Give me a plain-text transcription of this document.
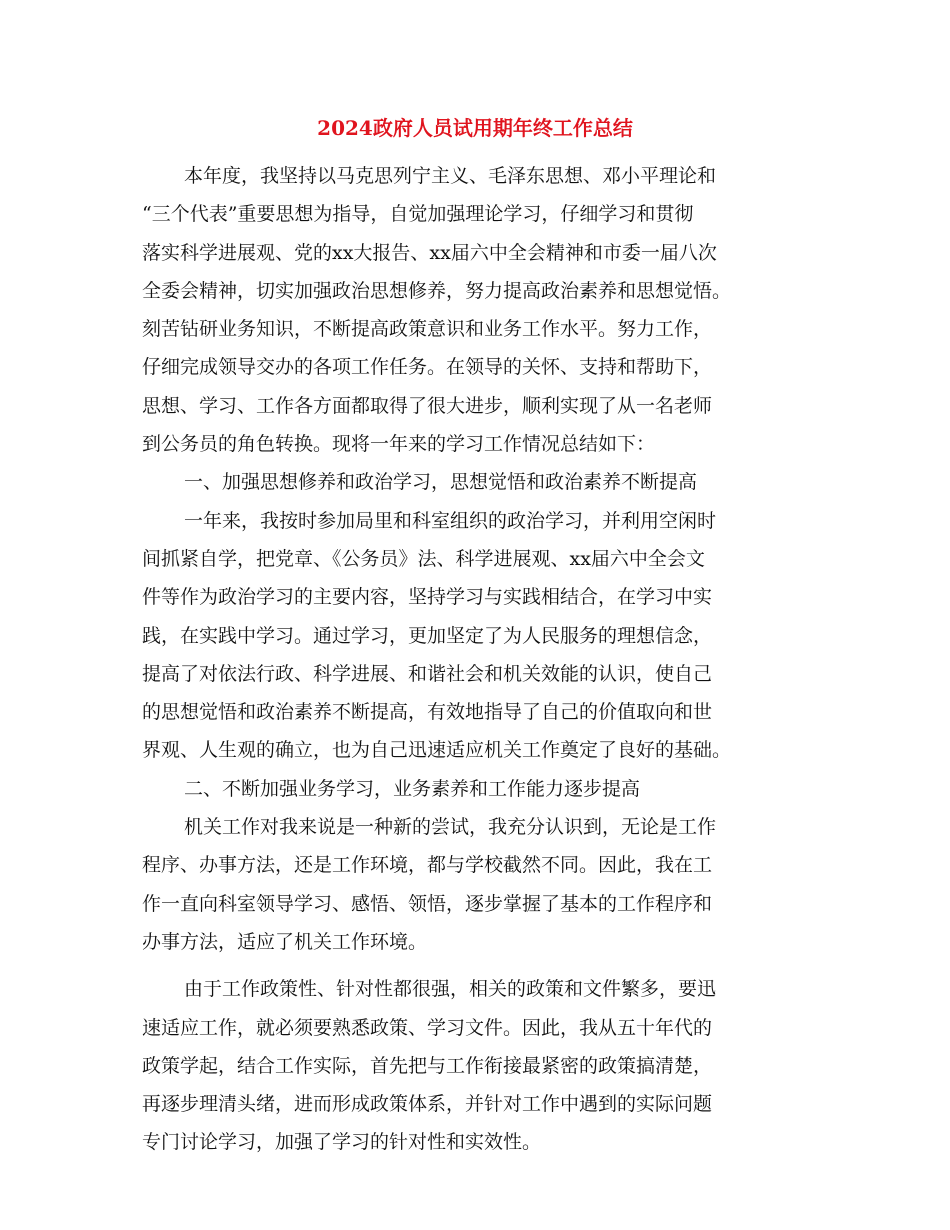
2024政府人员试用期年终工作总结

本年度，我坚持以马克思列宁主义、毛泽东思想、邓小平理论和

“三个代表”重要思想为指导，自觉加强理论学习，仔细学习和贯彻

落实科学进展观、党的xx大报告、xx届六中全会精神和市委一届八次

全委会精神，切实加强政治思想修养，努力提高政治素养和思想觉悟。

刻苦钻研业务知识，不断提高政策意识和业务工作水平。努力工作，

仔细完成领导交办的各项工作任务。在领导的关怀、支持和帮助下，

思想、学习、工作各方面都取得了很大进步，顺利实现了从一名老师

到公务员的角色转换。现将一年来的学习工作情况总结如下：

一、加强思想修养和政治学习，思想觉悟和政治素养不断提高

一年来，我按时参加局里和科室组织的政治学习，并利用空闲时

间抓紧自学，把党章、《公务员》法、科学进展观、xx届六中全会文

件等作为政治学习的主要内容，坚持学习与实践相结合，在学习中实

践，在实践中学习。通过学习，更加坚定了为人民服务的理想信念，

提高了对依法行政、科学进展、和谐社会和机关效能的认识，使自己

的思想觉悟和政治素养不断提高，有效地指导了自己的价值取向和世

界观、人生观的确立，也为自己迅速适应机关工作奠定了良好的基础。

二、不断加强业务学习，业务素养和工作能力逐步提高

机关工作对我来说是一种新的尝试，我充分认识到，无论是工作

程序、办事方法，还是工作环境，都与学校截然不同。因此，我在工

作一直向科室领导学习、感悟、领悟，逐步掌握了基本的工作程序和

办事方法，适应了机关工作环境。

由于工作政策性、针对性都很强，相关的政策和文件繁多，要迅

速适应工作，就必须要熟悉政策、学习文件。因此，我从五十年代的

政策学起，结合工作实际，首先把与工作衔接最紧密的政策搞清楚，

再逐步理清头绪，进而形成政策体系，并针对工作中遇到的实际问题

专门讨论学习，加强了学习的针对性和实效性。
